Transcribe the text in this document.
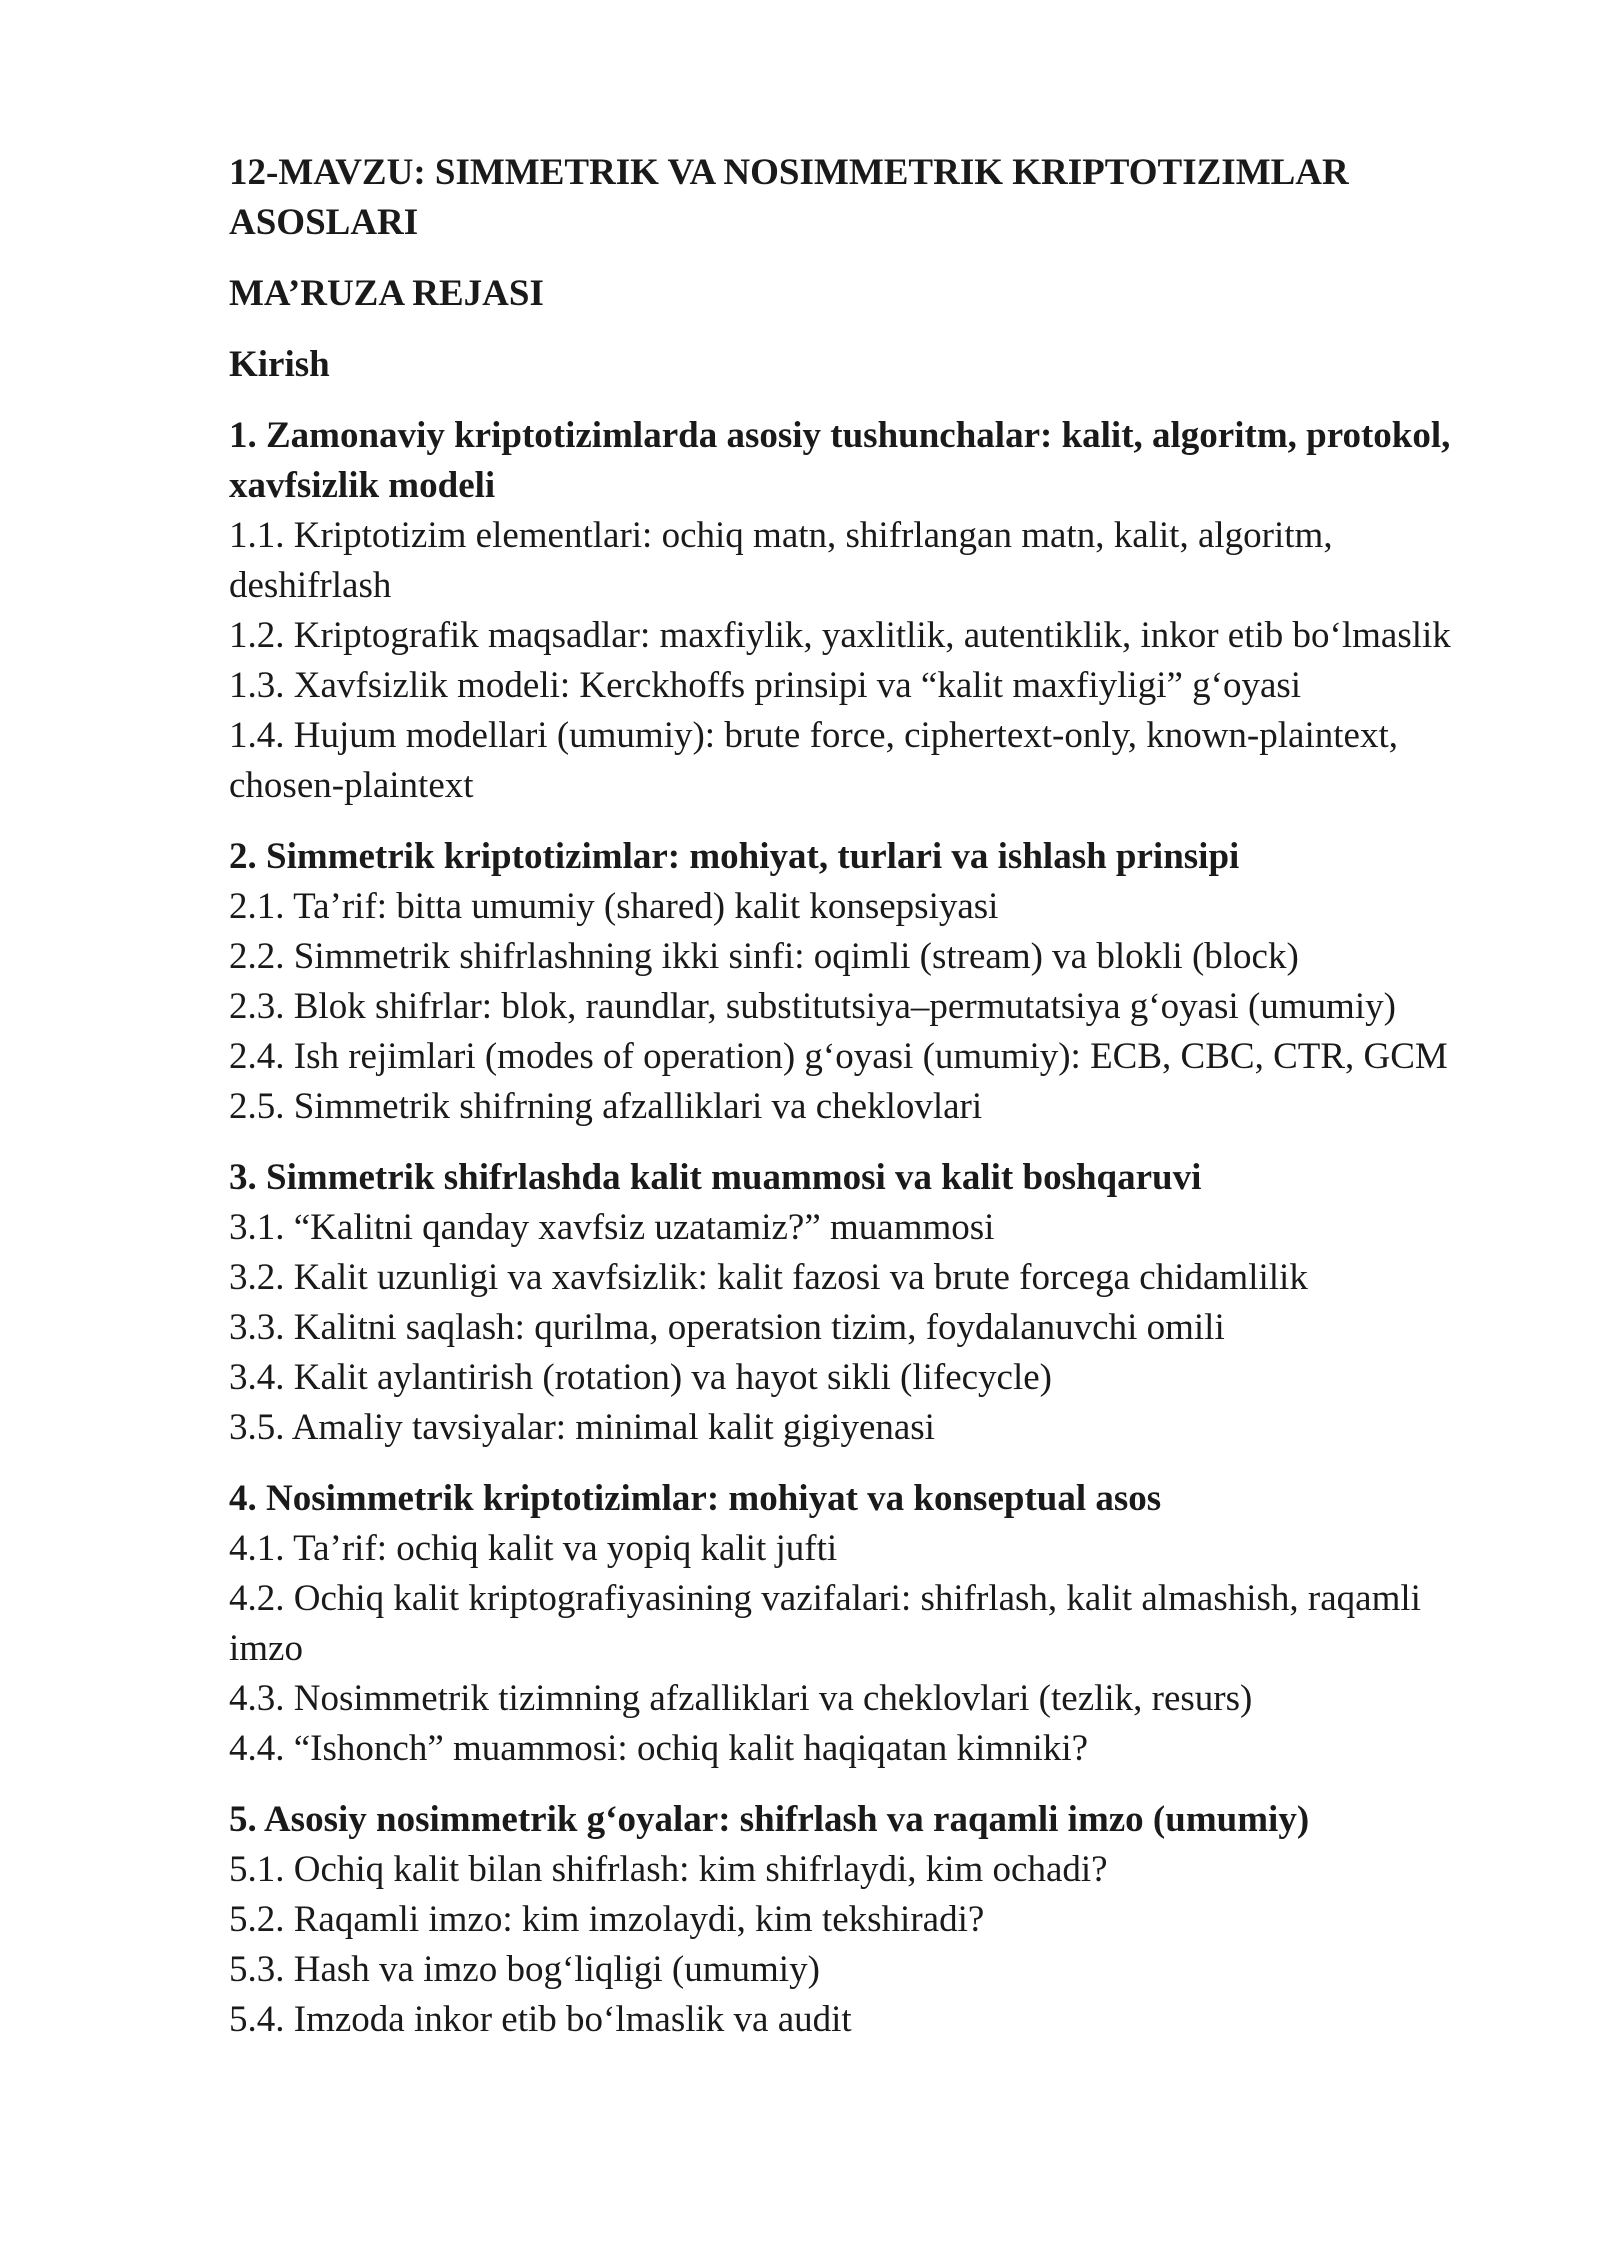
12-MAVZU: SIMMETRIK VA NOSIMMETRIK KRIPTOTIZIMLAR ASOSLARI

MA’RUZA REJASI

Kirish

1. Zamonaviy kriptotizimlarda asosiy tushunchalar: kalit, algoritm, protokol, xavfsizlik modeli

1.1. Kriptotizim elementlari: ochiq matn, shifrlangan matn, kalit, algoritm, deshifrlash

1.2. Kriptografik maqsadlar: maxfiylik, yaxlitlik, autentiklik, inkor etib bo‘lmaslik

1.3. Xavfsizlik modeli: Kerckhoffs prinsipi va “kalit maxfiyligi” g‘oyasi

1.4. Hujum modellari (umumiy): brute force, ciphertext-only, known-plaintext, chosen-plaintext

2. Simmetrik kriptotizimlar: mohiyat, turlari va ishlash prinsipi

2.1. Ta’rif: bitta umumiy (shared) kalit konsepsiyasi

2.2. Simmetrik shifrlashning ikki sinfi: oqimli (stream) va blokli (block)

2.3. Blok shifrlar: blok, raundlar, substitutsiya–permutatsiya g‘oyasi (umumiy)

2.4. Ish rejimlari (modes of operation) g‘oyasi (umumiy): ECB, CBC, CTR, GCM

2.5. Simmetrik shifrning afzalliklari va cheklovlari

3. Simmetrik shifrlashda kalit muammosi va kalit boshqaruvi

3.1. “Kalitni qanday xavfsiz uzatamiz?” muammosi

3.2. Kalit uzunligi va xavfsizlik: kalit fazosi va brute forcega chidamlilik

3.3. Kalitni saqlash: qurilma, operatsion tizim, foydalanuvchi omili

3.4. Kalit aylantirish (rotation) va hayot sikli (lifecycle)

3.5. Amaliy tavsiyalar: minimal kalit gigiyenasi

4. Nosimmetrik kriptotizimlar: mohiyat va konseptual asos

4.1. Ta’rif: ochiq kalit va yopiq kalit jufti

4.2. Ochiq kalit kriptografiyasining vazifalari: shifrlash, kalit almashish, raqamli imzo

4.3. Nosimmetrik tizimning afzalliklari va cheklovlari (tezlik, resurs)

4.4. “Ishonch” muammosi: ochiq kalit haqiqatan kimniki?

5. Asosiy nosimmetrik g‘oyalar: shifrlash va raqamli imzo (umumiy)

5.1. Ochiq kalit bilan shifrlash: kim shifrlaydi, kim ochadi?

5.2. Raqamli imzo: kim imzolaydi, kim tekshiradi?

5.3. Hash va imzo bog‘liqligi (umumiy)

5.4. Imzoda inkor etib bo‘lmaslik va audit
